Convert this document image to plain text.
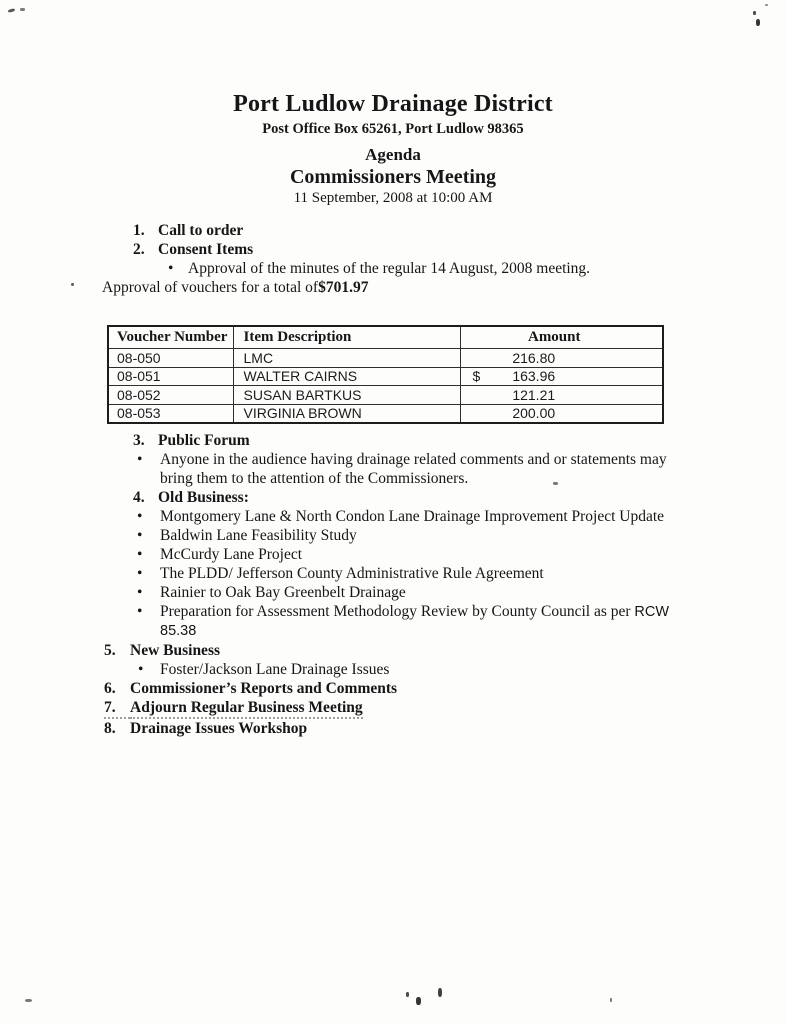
Port Ludlow Drainage District
Post Office Box 65261, Port Ludlow 98365
Agenda
Commissioners Meeting
11 September, 2008 at 10:00 AM
1. Call to order
2. Consent Items
• Approval of the minutes of the regular 14 August, 2008 meeting.
Approval of vouchers for a total of $701.97
Voucher Number	Item Description	Amount
08-050	LMC	216.80
08-051	WALTER CAIRNS	$ 163.96
08-052	SUSAN BARTKUS	121.21
08-053	VIRGINIA BROWN	200.00
3. Public Forum
•	Anyone in the audience having drainage related comments and or statements may
bring them to the attention of the Commissioners.
4. Old Business:
•	Montgomery Lane & North Condon Lane Drainage Improvement Project Update
•	Baldwin Lane Feasibility Study
•	McCurdy Lane Project
•	The PLDD/ Jefferson County Administrative Rule Agreement
•	Rainier to Oak Bay Greenbelt Drainage
•	Preparation for Assessment Methodology Review by County Council as per RCW
85.38
5. New Business
•	Foster/Jackson Lane Drainage Issues
6. Commissioner’s Reports and Comments
7. Adjourn Regular Business Meeting
8. Drainage Issues Workshop
